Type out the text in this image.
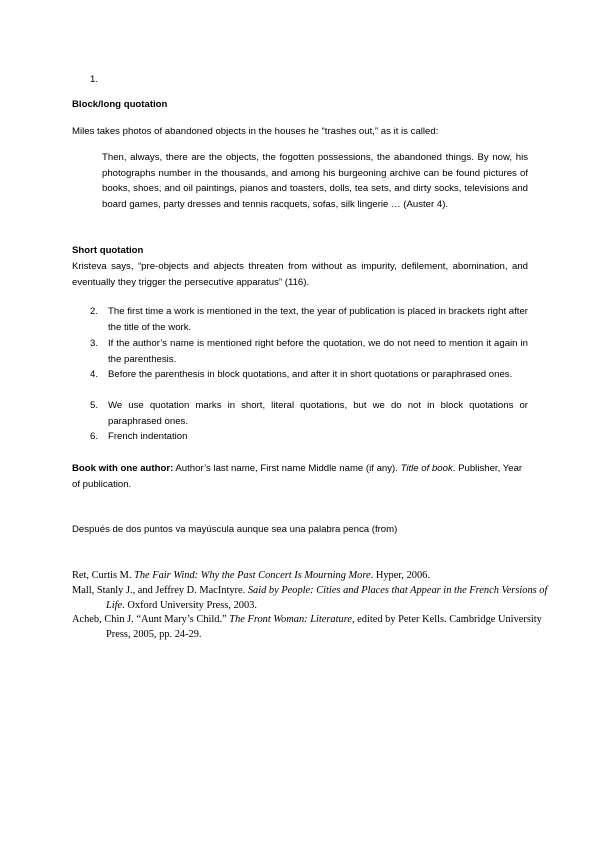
1.
Block/long quotation
Miles takes photos of abandoned objects in the houses he “trashes out,” as it is called:
Then, always, there are the objects, the fogotten possessions, the abandoned things. By now, his photographs number in the thousands, and among his burgeoning archive can be found pictures of books, shoes, and oil paintings, pianos and toasters, dolls, tea sets, and dirty socks, televisions and board games, party dresses and tennis racquets, sofas, silk lingerie … (Auster 4).
Short quotation
Kristeva says, “pre-objects and abjects threaten from without as impurity, defilement, abomination, and eventually they trigger the persecutive apparatus” (116).
2.	The first time a work is mentioned in the text, the year of publication is placed in brackets right after the title of the work.
3.	If the author’s name is mentioned right before the quotation, we do not need to mention it again in the parenthesis.
4.	Before the parenthesis in block quotations, and after it in short quotations or paraphrased ones.
5.	We use quotation marks in short, literal quotations, but we do not in block quotations or paraphrased ones.
6.	French indentation
Book with one author: Author’s last name, First name Middle name (if any). Title of book. Publisher, Year of publication.
Después de dos puntos va mayúscula aunque sea una palabra penca (from)
Ret, Curtis M. The Fair Wind: Why the Past Concert Is Mourning More. Hyper, 2006.
Mall, Stanly J., and Jeffrey D. MacIntyre. Said by People: Cities and Places that Appear in the French Versions of Life. Oxford University Press, 2003.
Acheb, Chin J. “Aunt Mary’s Child.” The Front Woman: Literature, edited by Peter Kells. Cambridge University Press, 2005, pp. 24-29.
